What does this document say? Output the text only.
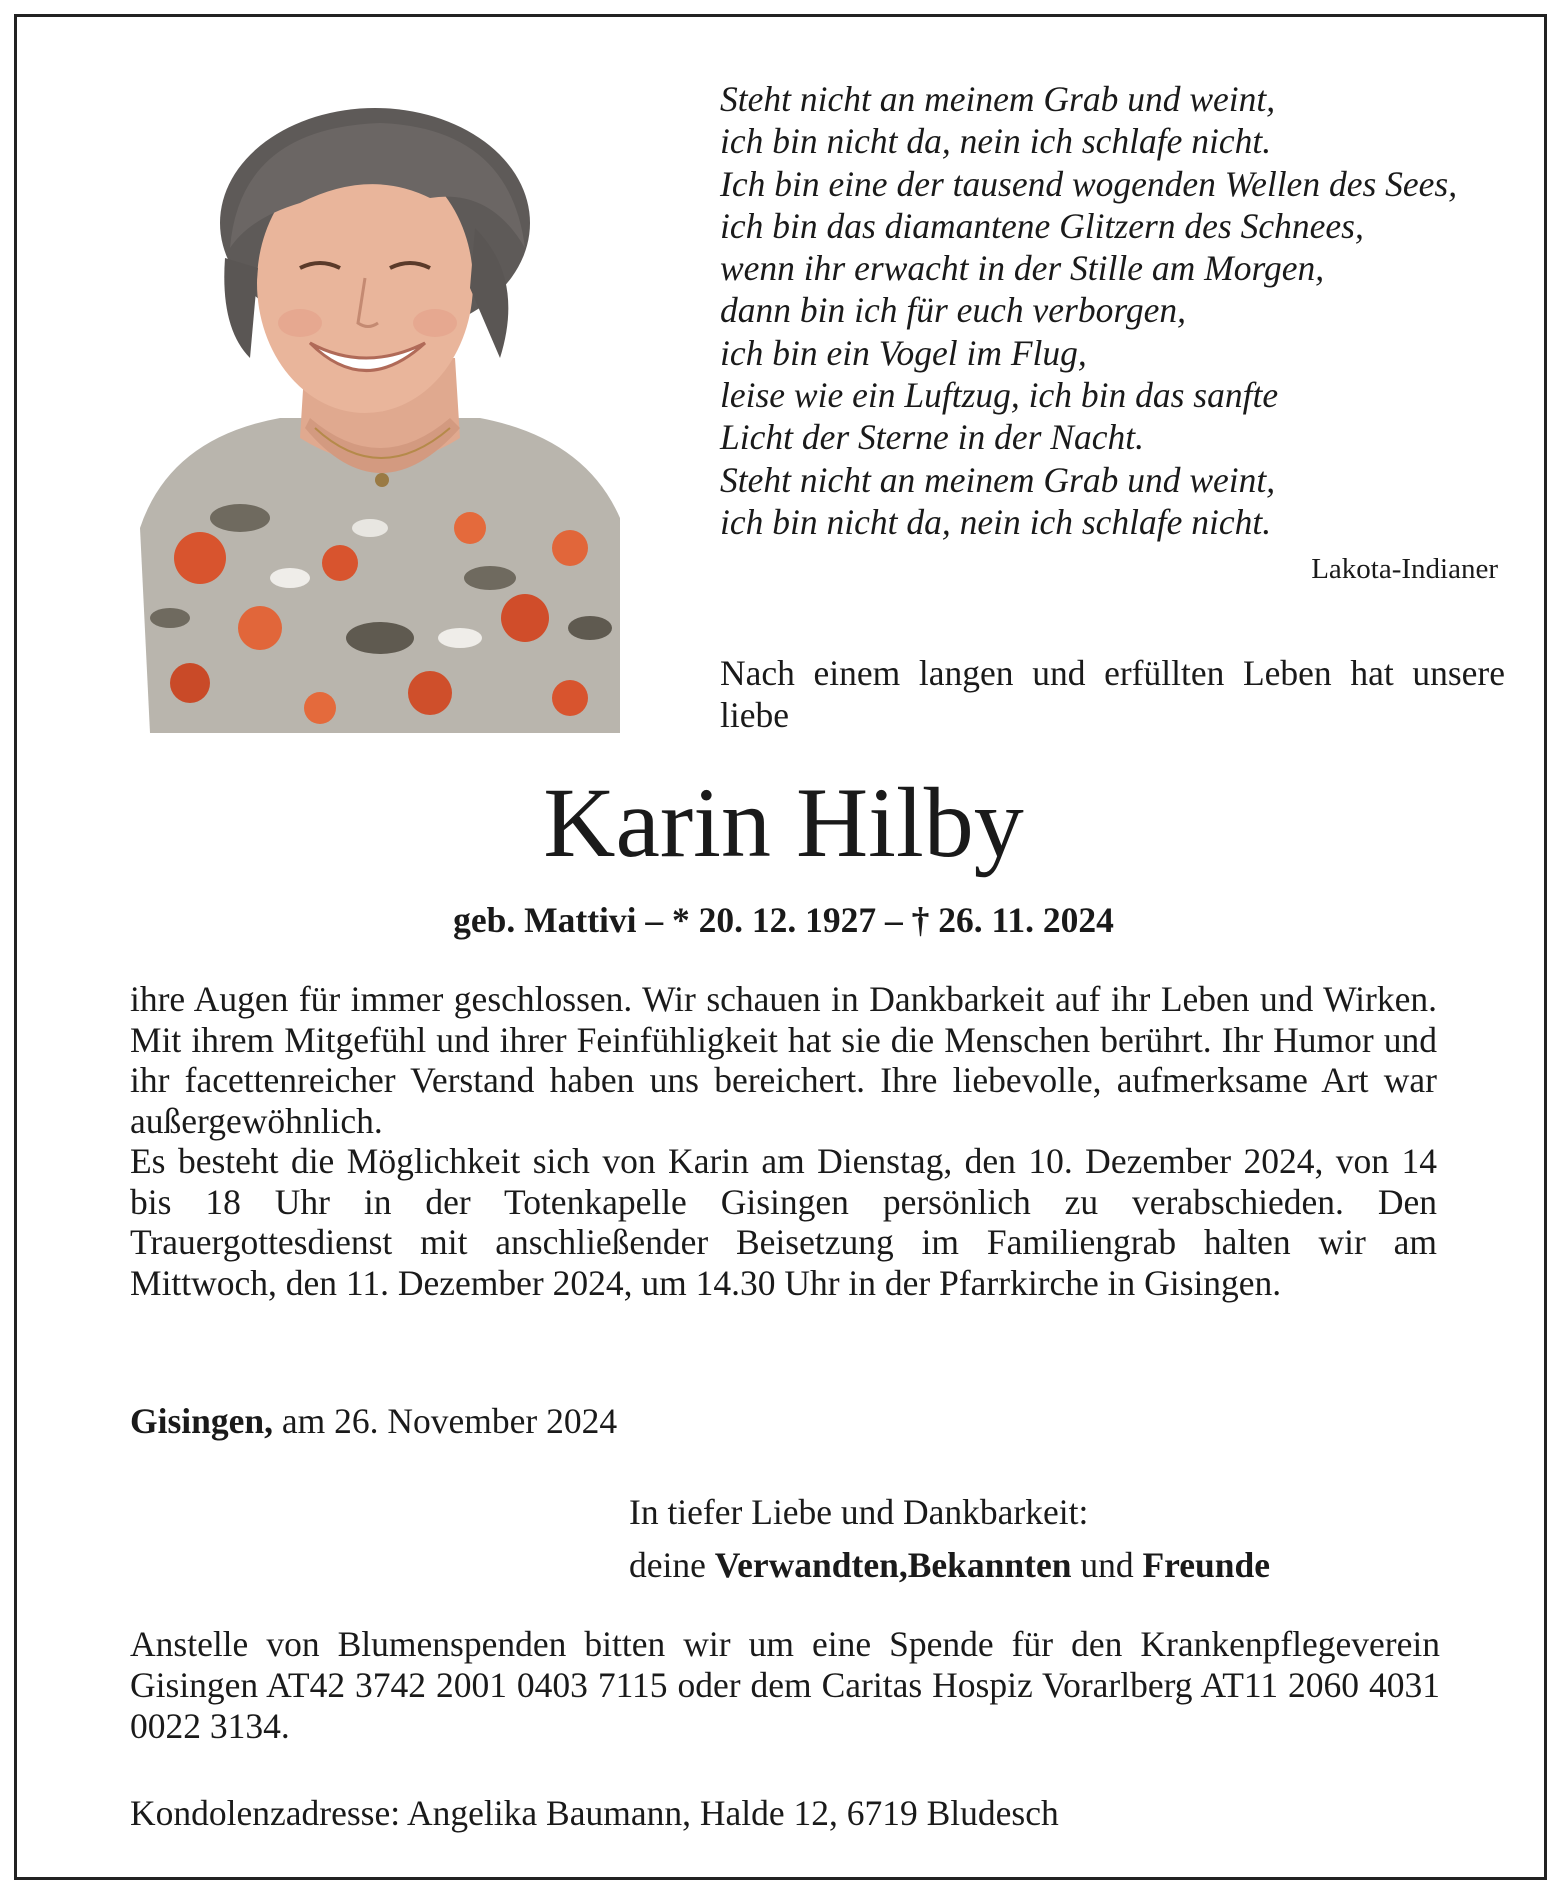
Steht nicht an meinem Grab und weint,
ich bin nicht da, nein ich schlafe nicht.
Ich bin eine der tausend wogenden Wellen des Sees,
ich bin das diamantene Glitzern des Schnees,
wenn ihr erwacht in der Stille am Morgen,
dann bin ich für euch verborgen,
ich bin ein Vogel im Flug,
leise wie ein Luftzug, ich bin das sanfte
Licht der Sterne in der Nacht.
Steht nicht an meinem Grab und weint,
ich bin nicht da, nein ich schlafe nicht.
Lakota-Indianer
Nach einem langen und erfüllten Leben hat unsere liebe
Karin Hilby
geb. Mattivi – * 20. 12. 1927 – † 26. 11. 2024

ihre Augen für immer geschlossen. Wir schauen in Dankbarkeit auf ihr Leben und Wirken. Mit ihrem Mitgefühl und ihrer Feinfühligkeit hat sie die Menschen berührt. Ihr Humor und ihr facettenreicher Verstand haben uns bereichert. Ihre liebevolle, aufmerksame Art war außergewöhnlich.

Es besteht die Möglichkeit sich von Karin am Dienstag, den 10. Dezember 2024, von 14 bis 18 Uhr in der Totenkapelle Gisingen persönlich zu verabschieden. Den Trauergottesdienst mit anschließender Beisetzung im Familiengrab halten wir am Mittwoch, den 11. Dezember 2024, um 14.30 Uhr in der Pfarrkirche in Gisingen.

Gisingen, am 26. November 2024
In tiefer Liebe und Dankbarkeit:
deine Verwandten,Bekannten und Freunde
Anstelle von Blumenspenden bitten wir um eine Spende für den Krankenpflegeverein Gisingen AT42 3742 2001 0403 7115 oder dem Caritas Hospiz Vorarlberg AT11 2060 4031 0022 3134.
Kondolenzadresse: Angelika Baumann, Halde 12, 6719 Bludesch
